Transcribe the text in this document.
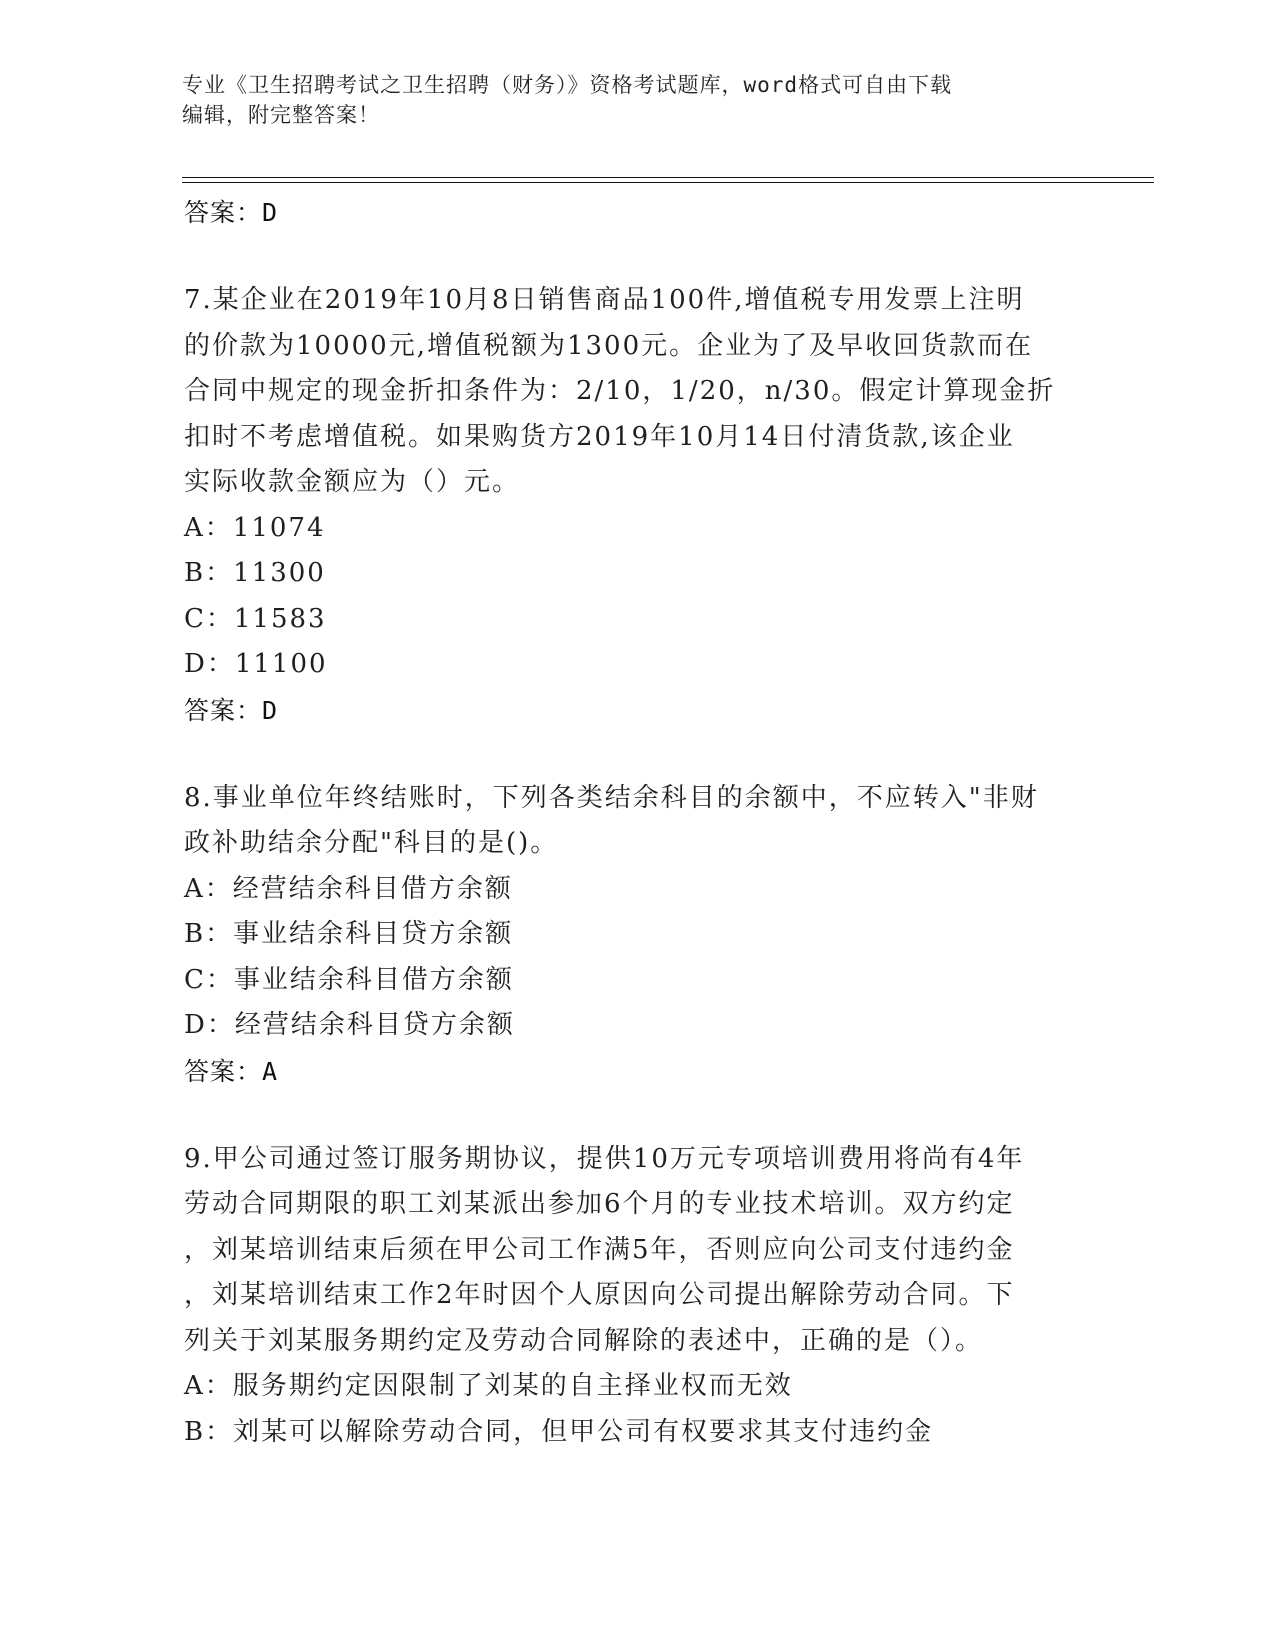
专业《卫生招聘考试之卫生招聘（财务）》资格考试题库，word格式可自由下载
编辑，附完整答案！
答案：D
7.某企业在2019年10月8日销售商品100件,增值税专用发票上注明
的价款为10000元,增值税额为1300元。企业为了及早收回货款而在
合同中规定的现金折扣条件为：2/10，1/20，n/30。假定计算现金折
扣时不考虑增值税。如果购货方2019年10月14日付清货款,该企业
实际收款金额应为（）元。
A：11074
B：11300
C：11583
D：11100
答案：D
8.事业单位年终结账时，下列各类结余科目的余额中，不应转入"非财
政补助结余分配"科目的是()。
A：经营结余科目借方余额
B：事业结余科目贷方余额
C：事业结余科目借方余额
D：经营结余科目贷方余额
答案：A
9.甲公司通过签订服务期协议，提供10万元专项培训费用将尚有4年
劳动合同期限的职工刘某派出参加6个月的专业技术培训。双方约定
，刘某培训结束后须在甲公司工作满5年，否则应向公司支付违约金
，刘某培训结束工作2年时因个人原因向公司提出解除劳动合同。下
列关于刘某服务期约定及劳动合同解除的表述中，正确的是（）。
A：服务期约定因限制了刘某的自主择业权而无效
B：刘某可以解除劳动合同，但甲公司有权要求其支付违约金
